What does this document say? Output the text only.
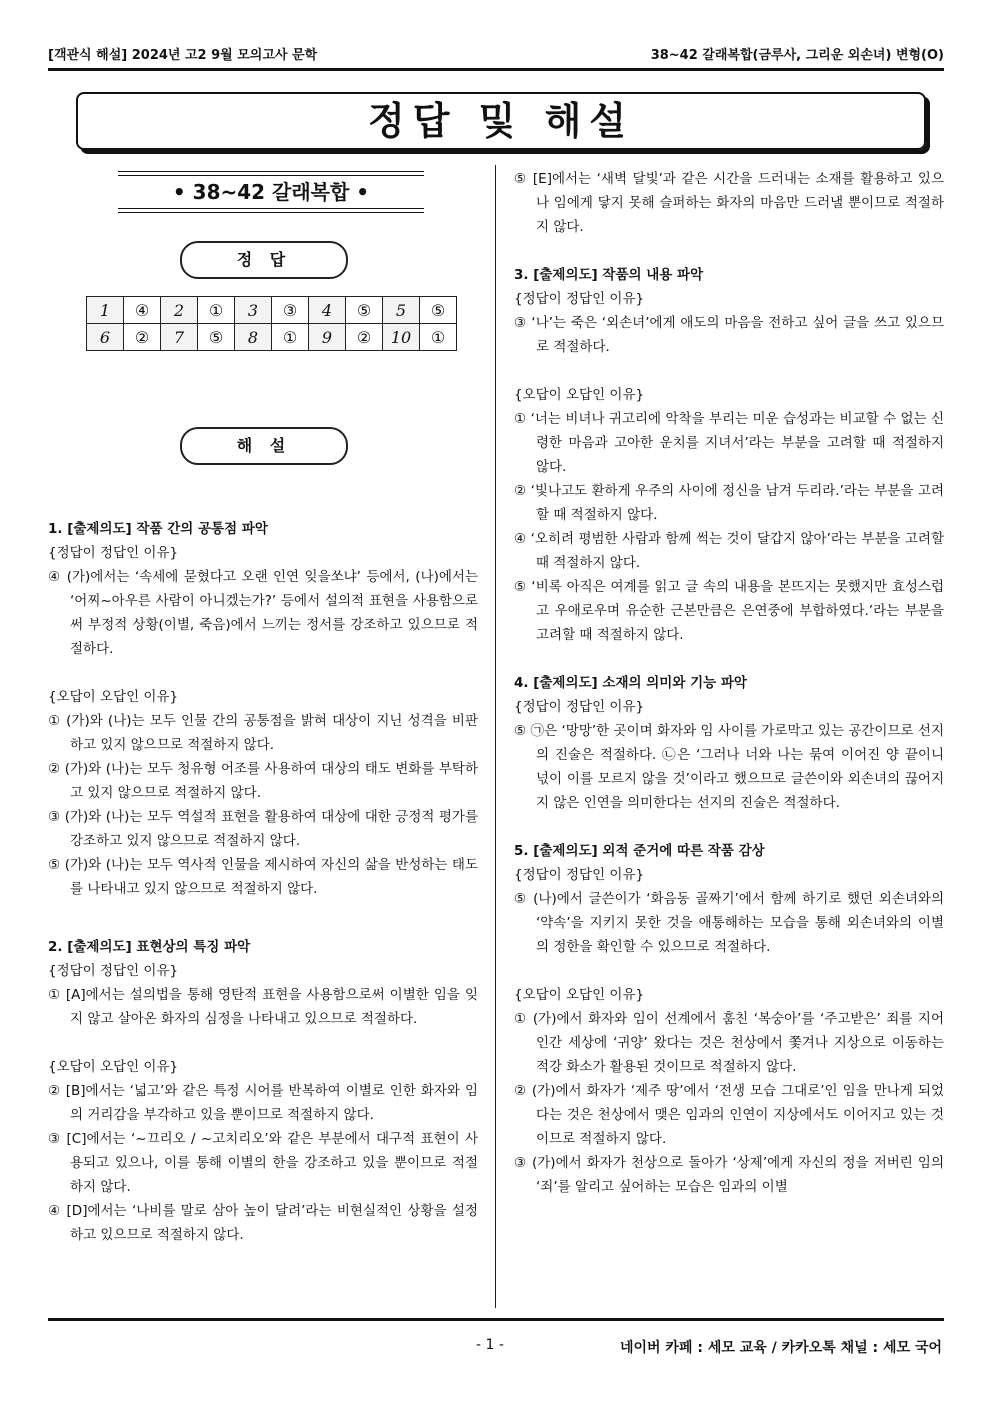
[객관식 해설] 2024년 고2 9월 모의고사 문학	38~42 갈래복합(금루사, 그리운 외손녀) 변형(O)
정답 및 해설
• 38~42 갈래복합 •
정 답
1	④	2	①	3	③	4	⑤	5	⑤
6	②	7	⑤	8	①	9	②	10	①
해 설

1. [출제의도] 작품 간의 공통점 파악

{정답이 정답인 이유}

④ (가)에서는 ‘속세에 묻혔다고 오랜 인연 잊을쏘냐’ 등에서, (나)에서는 ‘어찌~아우른 사람이 아니겠는가?’ 등에서 설의적 표현을 사용함으로써 부정적 상황(이별, 죽음)에서 느끼는 정서를 강조하고 있으므로 적절하다.

{오답이 오답인 이유}

① (가)와 (나)는 모두 인물 간의 공통점을 밝혀 대상이 지닌 성격을 비판하고 있지 않으므로 적절하지 않다.

② (가)와 (나)는 모두 청유형 어조를 사용하여 대상의 태도 변화를 부탁하고 있지 않으므로 적절하지 않다.

③ (가)와 (나)는 모두 역설적 표현을 활용하여 대상에 대한 긍정적 평가를 강조하고 있지 않으므로 적절하지 않다.

⑤ (가)와 (나)는 모두 역사적 인물을 제시하여 자신의 삶을 반성하는 태도를 나타내고 있지 않으므로 적절하지 않다.

2. [출제의도] 표현상의 특징 파악

{정답이 정답인 이유}

① [A]에서는 설의법을 통해 영탄적 표현을 사용함으로써 이별한 임을 잊지 않고 살아온 화자의 심정을 나타내고 있으므로 적절하다.

{오답이 오답인 이유}

② [B]에서는 ‘넓고’와 같은 특정 시어를 반복하여 이별로 인한 화자와 임의 거리감을 부각하고 있을 뿐이므로 적절하지 않다.

③ [C]에서는 ‘~끄리오 / ~고치리오’와 같은 부분에서 대구적 표현이 사용되고 있으나, 이를 통해 이별의 한을 강조하고 있을 뿐이므로 적절하지 않다.

④ [D]에서는 ‘나비를 말로 삼아 높이 달려’라는 비현실적인 상황을 설정하고 있으므로 적절하지 않다.

⑤ [E]에서는 ‘새벽 달빛’과 같은 시간을 드러내는 소재를 활용하고 있으나 임에게 닿지 못해 슬퍼하는 화자의 마음만 드러낼 뿐이므로 적절하지 않다.

3. [출제의도] 작품의 내용 파악

{정답이 정답인 이유}

③ ‘나’는 죽은 ‘외손녀’에게 애도의 마음을 전하고 싶어 글을 쓰고 있으므로 적절하다.

{오답이 오답인 이유}

① ‘너는 비녀나 귀고리에 악착을 부리는 미운 습성과는 비교할 수 없는 신령한 마음과 고아한 운치를 지녀서’라는 부분을 고려할 때 적절하지 않다.

② ‘빛나고도 환하게 우주의 사이에 정신을 남겨 두리라.’라는 부분을 고려할 때 적절하지 않다.

④ ‘오히려 평범한 사람과 함께 썩는 것이 달갑지 않아’라는 부분을 고려할 때 적절하지 않다.

⑤ ‘비록 아직은 여계를 읽고 글 속의 내용을 본뜨지는 못했지만 효성스럽고 우애로우며 유순한 근본만큼은 은연중에 부합하였다.’라는 부분을 고려할 때 적절하지 않다.

4. [출제의도] 소재의 의미와 기능 파악

{정답이 정답인 이유}

⑤ ㉠은 ‘망망’한 곳이며 화자와 임 사이를 가로막고 있는 공간이므로 선지의 진술은 적절하다. ㉡은 ‘그러나 너와 나는 묶여 이어진 양 끝이니 넋이 이를 모르지 않을 것’이라고 했으므로 글쓴이와 외손녀의 끊어지지 않은 인연을 의미한다는 선지의 진술은 적절하다.

5. [출제의도] 외적 준거에 따른 작품 감상

{정답이 정답인 이유}

⑤ (나)에서 글쓴이가 ‘화음동 골짜기’에서 함께 하기로 했던 외손녀와의 ‘약속’을 지키지 못한 것을 애통해하는 모습을 통해 외손녀와의 이별의 정한을 확인할 수 있으므로 적절하다.

{오답이 오답인 이유}

① (가)에서 화자와 임이 선계에서 훔친 ‘복숭아’를 ‘주고받은’ 죄를 지어 인간 세상에 ‘귀양’ 왔다는 것은 천상에서 쫓겨나 지상으로 이동하는 적강 화소가 활용된 것이므로 적절하지 않다.

② (가)에서 화자가 ‘제주 땅’에서 ‘전생 모습 그대로’인 임을 만나게 되었다는 것은 천상에서 맺은 임과의 인연이 지상에서도 이어지고 있는 것이므로 적절하지 않다.

③ (가)에서 화자가 천상으로 돌아가 ‘상제’에게 자신의 정을 저버린 임의 ‘죄’를 알리고 싶어하는 모습은 임과의 이별

- 1 -	네이버 카페 : 세모 교육 / 카카오톡 채널 : 세모 국어
